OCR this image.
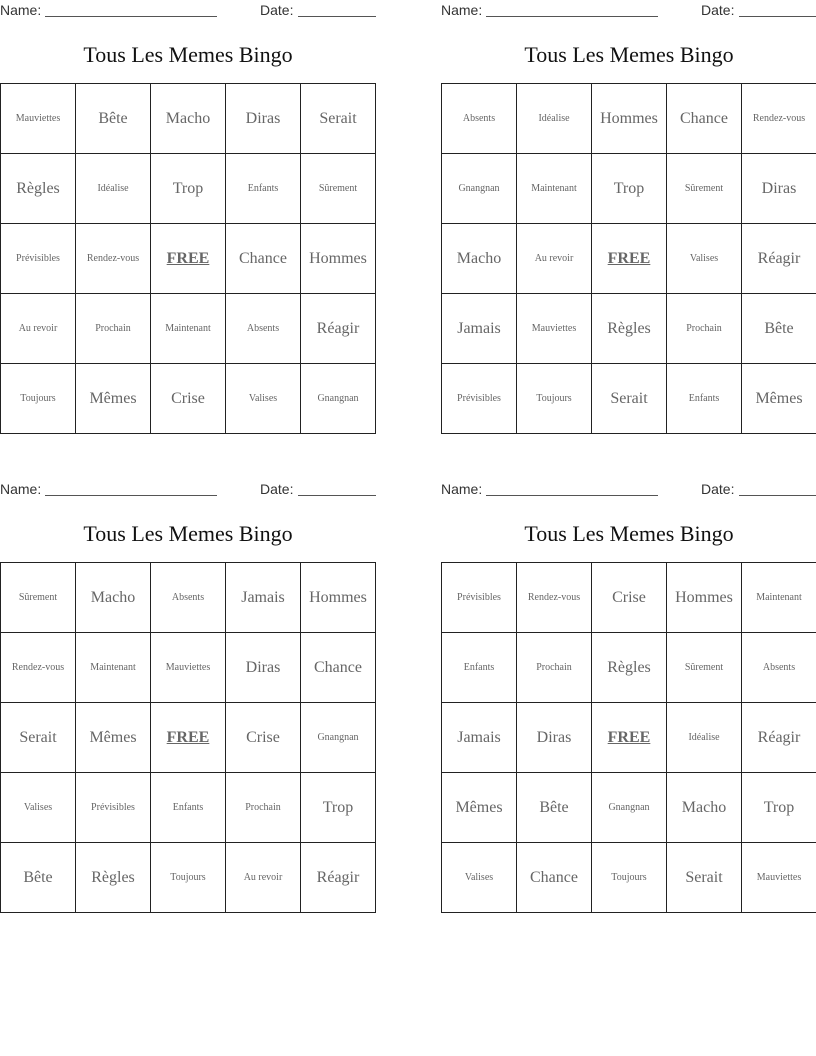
Name:	Date:
Tous Les Memes Bingo
Mauviettes	Bête	Macho	Diras	Serait
Règles	Idéalise	Trop	Enfants	Sûrement
Prévisibles	Rendez-vous	FREE	Chance	Hommes
Au revoir	Prochain	Maintenant	Absents	Réagir
Toujours	Mêmes	Crise	Valises	Gnangnan
Name:	Date:
Tous Les Memes Bingo
Absents	Idéalise	Hommes	Chance	Rendez-vous
Gnangnan	Maintenant	Trop	Sûrement	Diras
Macho	Au revoir	FREE	Valises	Réagir
Jamais	Mauviettes	Règles	Prochain	Bête
Prévisibles	Toujours	Serait	Enfants	Mêmes
Name:	Date:
Tous Les Memes Bingo
Sûrement	Macho	Absents	Jamais	Hommes
Rendez-vous	Maintenant	Mauviettes	Diras	Chance
Serait	Mêmes	FREE	Crise	Gnangnan
Valises	Prévisibles	Enfants	Prochain	Trop
Bête	Règles	Toujours	Au revoir	Réagir
Name:	Date:
Tous Les Memes Bingo
Prévisibles	Rendez-vous	Crise	Hommes	Maintenant
Enfants	Prochain	Règles	Sûrement	Absents
Jamais	Diras	FREE	Idéalise	Réagir
Mêmes	Bête	Gnangnan	Macho	Trop
Valises	Chance	Toujours	Serait	Mauviettes
